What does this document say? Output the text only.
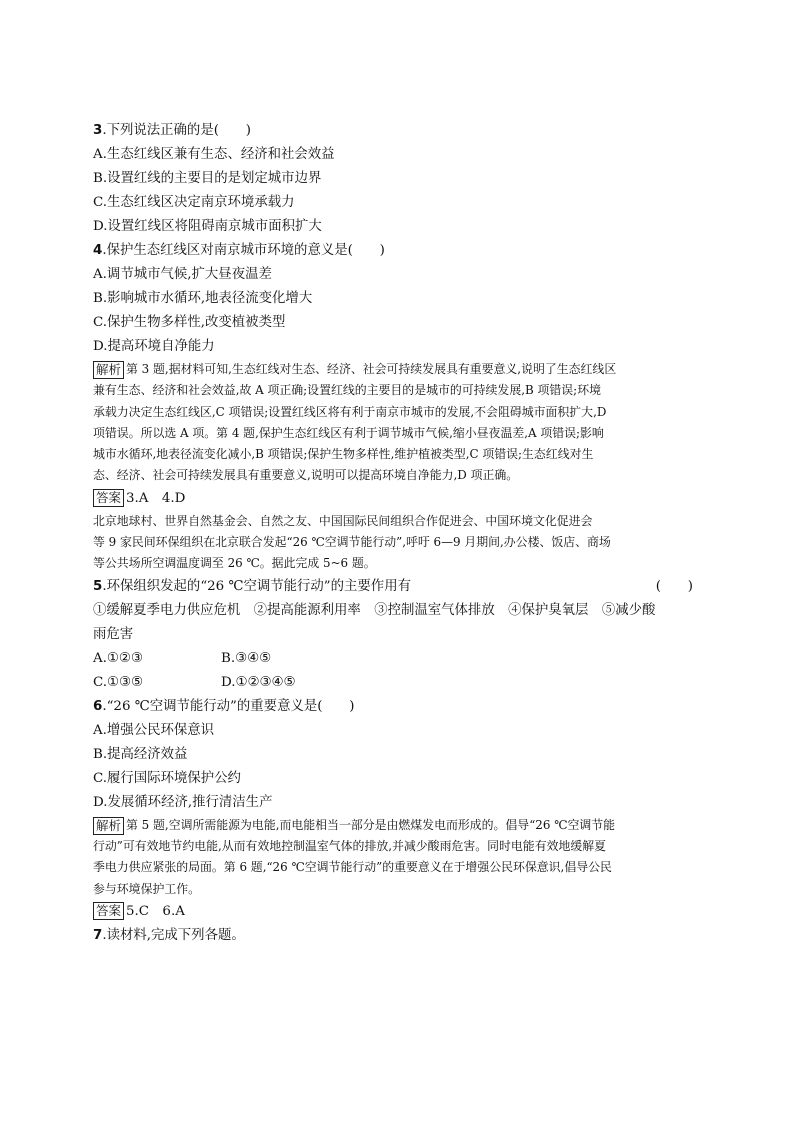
3.下列说法正确的是(　　)
A.生态红线区兼有生态、经济和社会效益
B.设置红线的主要目的是划定城市边界
C.生态红线区决定南京环境承载力
D.设置红线区将阻碍南京城市面积扩大
4.保护生态红线区对南京城市环境的意义是(　　)
A.调节城市气候,扩大昼夜温差
B.影响城市水循环,地表径流变化增大
C.保护生物多样性,改变植被类型
D.提高环境自净能力
解析 第 3 题,据材料可知,生态红线对生态、经济、社会可持续发展具有重要意义,说明了生态红线区
兼有生态、经济和社会效益,故 A 项正确;设置红线的主要目的是城市的可持续发展,B 项错误;环境
承载力决定生态红线区,C 项错误;设置红线区将有利于南京市城市的发展,不会阻碍城市面积扩大,D
项错误。所以选 A 项。第 4 题,保护生态红线区有利于调节城市气候,缩小昼夜温差,A 项错误;影响
城市水循环,地表径流变化减小,B 项错误;保护生物多样性,维护植被类型,C 项错误;生态红线对生
态、经济、社会可持续发展具有重要意义,说明可以提高环境自净能力,D 项正确。
答案 3.A　4.D
北京地球村、世界自然基金会、自然之友、中国国际民间组织合作促进会、中国环境文化促进会
等 9 家民间环保组织在北京联合发起“26 ℃空调节能行动”,呼吁 6—9 月期间,办公楼、饭店、商场
等公共场所空调温度调至 26 ℃。据此完成 5~6 题。
5.环保组织发起的“26 ℃空调节能行动”的主要作用有	(　　)
①缓解夏季电力供应危机　②提高能源利用率　③控制温室气体排放　④保护臭氧层　⑤减少酸
雨危害
A.①②③	B.③④⑤
C.①③⑤	D.①②③④⑤
6.“26 ℃空调节能行动”的重要意义是(　　)
A.增强公民环保意识
B.提高经济效益
C.履行国际环境保护公约
D.发展循环经济,推行清洁生产
解析 第 5 题,空调所需能源为电能,而电能相当一部分是由燃煤发电而形成的。倡导“26 ℃空调节能
行动”可有效地节约电能,从而有效地控制温室气体的排放,并减少酸雨危害。同时电能有效地缓解夏
季电力供应紧张的局面。第 6 题,“26 ℃空调节能行动”的重要意义在于增强公民环保意识,倡导公民
参与环境保护工作。
答案 5.C　6.A
7.读材料,完成下列各题。
